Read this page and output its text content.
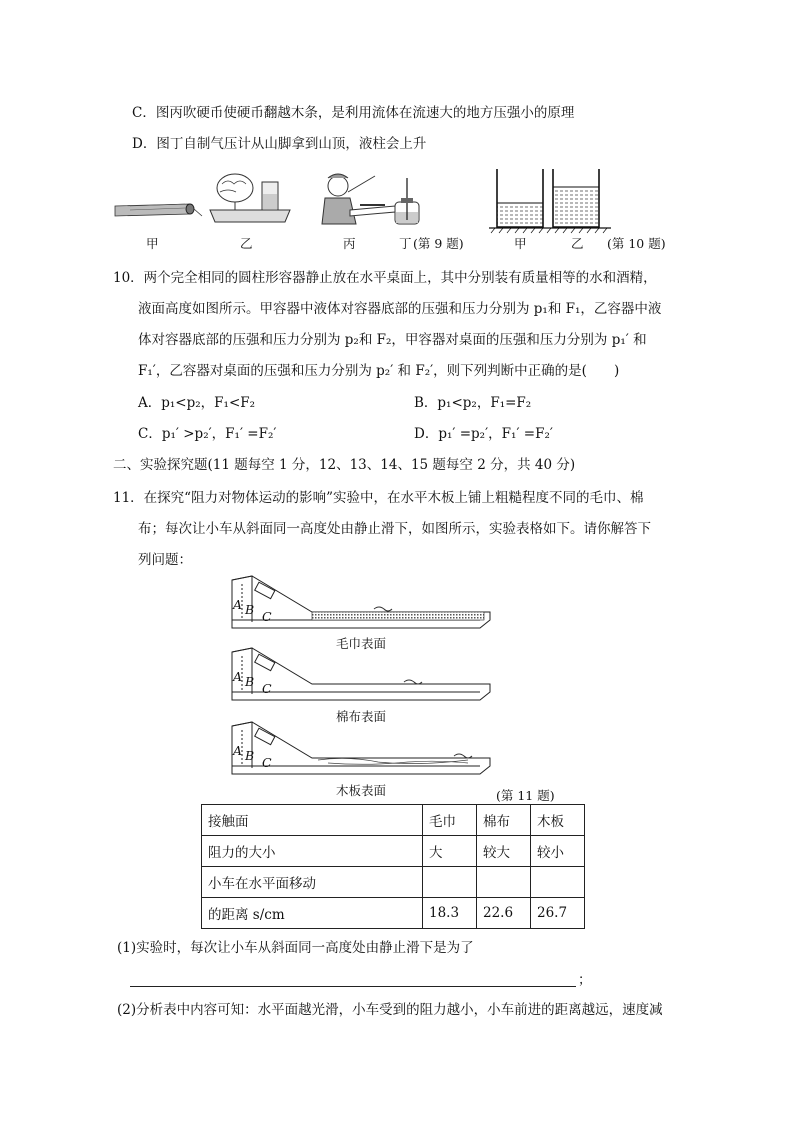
C．图丙吹硬币使硬币翻越木条，是利用流体在流速大的地方压强小的原理
D．图丁自制气压计从山脚拿到山顶，液柱会上升
甲	乙	丙	丁 (第 9 题)	甲	乙 (第 10 题)
10．两个完全相同的圆柱形容器静止放在水平桌面上，其中分别装有质量相等的水和酒精，
液面高度如图所示。甲容器中液体对容器底部的压强和压力分别为 p₁和 F₁，乙容器中液
体对容器底部的压强和压力分别为 p₂和 F₂，甲容器对桌面的压强和压力分别为 p₁′ 和
F₁′，乙容器对桌面的压强和压力分别为 p₂′ 和 F₂′，则下列判断中正确的是(　　)
A．p₁<p₂，F₁<F₂	B．p₁<p₂，F₁=F₂
C．p₁′ >p₂′，F₁′ =F₂′	D．p₁′ =p₂′，F₁′ =F₂′
二、实验探究题(11 题每空 1 分，12、13、14、15 题每空 2 分，共 40 分)
11．在探究“阻力对物体运动的影响”实验中，在水平木板上铺上粗糙程度不同的毛巾、棉
布；每次让小车从斜面同一高度处由静止滑下，如图所示，实验表格如下。请你解答下
列问题：
A B C
A B C
A B C
毛巾表面
棉布表面
木板表面	(第 11 题)
接触面	毛巾	棉布	木板
阻力的大小	大	较大	较小
小车在水平面移动			
的距离 s/cm	18.3	22.6	26.7
(1)实验时，每次让小车从斜面同一高度处由静止滑下是为了
；
(2)分析表中内容可知：水平面越光滑，小车受到的阻力越小，小车前进的距离越远，速度减
